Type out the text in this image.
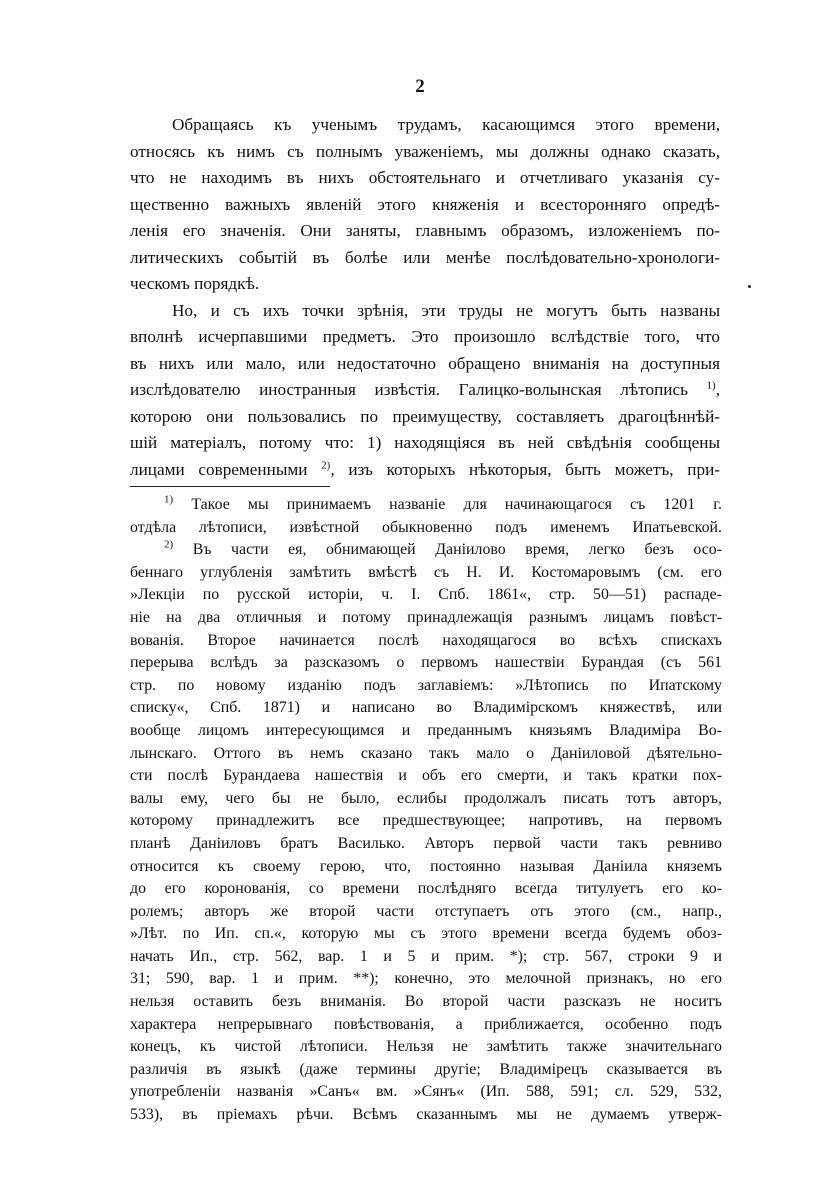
2
Обращаясь къ ученымъ трудамъ, касающимся этого времени,
относясь къ нимъ съ полнымъ уваженіемъ, мы должны однако сказать,
что не находимъ въ нихъ обстоятельнаго и отчетливаго указанія су-
щественно важныхъ явленій этого княженія и всесторонняго опредѣ-
ленія его значенія. Они заняты, главнымъ образомъ, изложеніемъ по-
литическихъ событій въ болѣе или менѣе послѣдовательно-хронологи-
ческомъ порядкѣ.
Но, и съ ихъ точки зрѣнія, эти труды не могутъ быть названы
вполнѣ исчерпавшими предметъ. Это произошло вслѣдствіе того, что
въ нихъ или мало, или недостаточно обращено вниманія на доступныя
изслѣдователю иностранныя извѣстія. Галицко-волынская лѣтопись $^{1)}$,
которою они пользовались по преимуществу, составляетъ драгоцѣннѣй-
шій матеріалъ, потому что: 1) находящіяся въ ней свѣдѣнія сообщены
лицами современными $^{2)}$, изъ которыхъ нѣкоторыя, быть можетъ, при-
$^{1)}$ Такое мы принимаемъ названіе для начинающагося съ 1201 г.
отдѣла лѣтописи, извѣстной обыкновенно подъ именемъ Ипатьевской.
$^{2)}$ Въ части ея, обнимающей Даніилово время, легко безъ осо-
беннаго углубленія замѣтить вмѣстѣ съ Н. И. Костомаровымъ (см. его
»Лекціи по русской исторіи, ч. I. Спб. 1861«, стр. 50—51) распаде-
ніе на два отличныя и потому принадлежащія разнымъ лицамъ повѣст-
вованія. Второе начинается послѣ находящагося во всѣхъ спискахъ
перерыва вслѣдъ за разсказомъ о первомъ нашествіи Бурандая (съ 561
стр. по новому изданію подъ заглавіемъ: »Лѣтопись по Ипатскому
списку«, Спб. 1871) и написано во Владимірскомъ княжествѣ, или
вообще лицомъ интересующимся и преданнымъ князьямъ Владиміра Во-
лынскаго. Оттого въ немъ сказано такъ мало о Даніиловой дѣятельно-
сти послѣ Бурандаева нашествія и объ его смерти, и такъ кратки пох-
валы ему, чего бы не было, еслибы продолжалъ писать тотъ авторъ,
которому принадлежитъ все предшествующее; напротивъ, на первомъ
планѣ Даніиловъ братъ Василько. Авторъ первой части такъ ревниво
относится къ своему герою, что, постоянно называя Даніила княземъ
до его коронованія, со времени послѣдняго всегда титулуетъ его ко-
ролемъ; авторъ же второй части отступаетъ отъ этого (см., напр.,
»Лѣт. по Ип. сп.«, которую мы съ этого времени всегда будемъ обоз-
начать Ип., стр. 562, вар. 1 и 5 и прим. *); стр. 567, строки 9 и
31; 590, вар. 1 и прим. **); конечно, это мелочной признакъ, но его
нельзя оставить безъ вниманія. Во второй части разсказъ не носитъ
характера непрерывнаго повѣствованія, а приближается, особенно подъ
конецъ, къ чистой лѣтописи. Нельзя не замѣтить также значительнаго
различія въ языкѣ (даже термины другіе; Владимірецъ сказывается въ
употребленіи названія »Санъ« вм. »Сянъ« (Ип. 588, 591; сл. 529, 532,
533), въ пріемахъ рѣчи. Всѣмъ сказаннымъ мы не думаемъ утверж-
